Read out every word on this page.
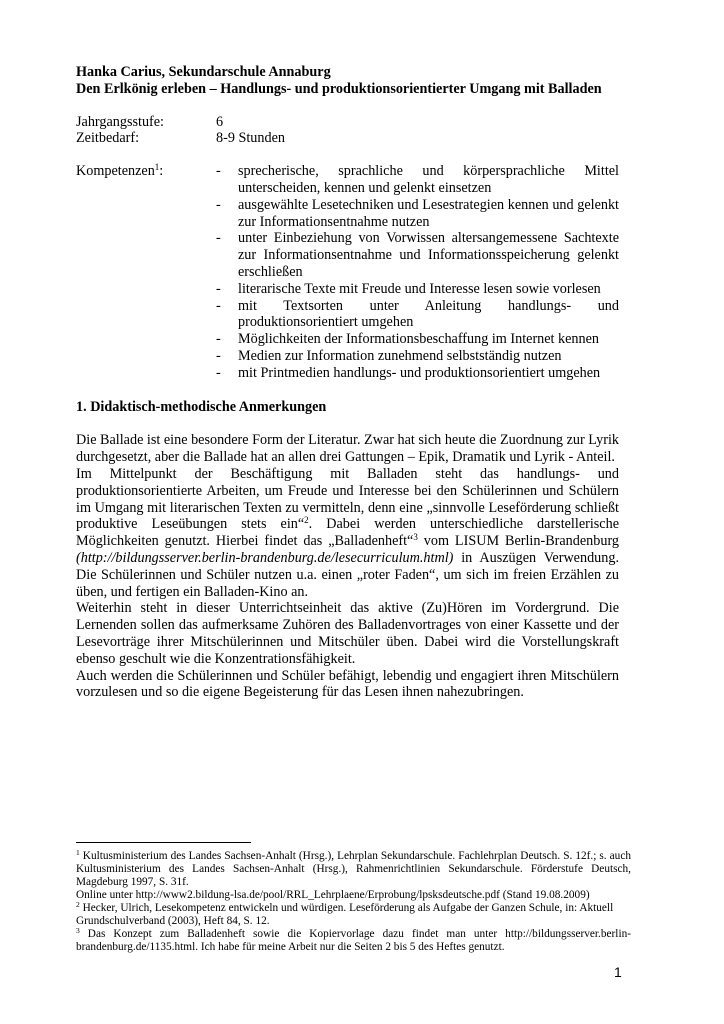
Hanka Carius, Sekundarschule Annaburg
Den Erlkönig erleben – Handlungs- und produktionsorientierter Umgang mit Balladen
Jahrgangsstufe:	6
Zeitbedarf:	8-9 Stunden
Kompetenzen$^1$:	-	sprecherische, sprachliche und körpersprachliche Mittel unterscheiden, kennen und gelenkt einsetzen
-	ausgewählte Lesetechniken und Lesestrategien kennen und gelenkt zur Informationsentnahme nutzen
-	unter Einbeziehung von Vorwissen altersangemessene Sachtexte zur Informationsentnahme und Informationsspeicherung gelenkt erschließen
-	literarische Texte mit Freude und Interesse lesen sowie vorlesen
-	mit Textsorten unter Anleitung handlungs- und produktionsorientiert umgehen
-	Möglichkeiten der Informationsbeschaffung im Internet kennen
-	Medien zur Information zunehmend selbstständig nutzen
-	mit Printmedien handlungs- und produktionsorientiert umgehen
1. Didaktisch-methodische Anmerkungen
Die Ballade ist eine besondere Form der Literatur. Zwar hat sich heute die Zuordnung zur Lyrik durchgesetzt, aber die Ballade hat an allen drei Gattungen – Epik, Dramatik und Lyrik - Anteil.
Im Mittelpunkt der Beschäftigung mit Balladen steht das handlungs- und produktionsorientierte Arbeiten, um Freude und Interesse bei den Schülerinnen und Schülern im Umgang mit literarischen Texten zu vermitteln, denn eine „sinnvolle Leseförderung schließt produktive Leseübungen stets ein“$^2$. Dabei werden unterschiedliche darstellerische Möglichkeiten genutzt. Hierbei findet das „Balladenheft“$^3$ vom LISUM Berlin-Brandenburg (http://bildungsserver.berlin-brandenburg.de/lesecurriculum.html) in Auszügen Verwendung. Die Schülerinnen und Schüler nutzen u.a. einen „roter Faden“, um sich im freien Erzählen zu üben, und fertigen ein Balladen-Kino an.
Weiterhin steht in dieser Unterrichtseinheit das aktive (Zu)Hören im Vordergrund. Die Lernenden sollen das aufmerksame Zuhören des Balladenvortrages von einer Kassette und der Lesevorträge ihrer Mitschülerinnen und Mitschüler üben. Dabei wird die Vorstellungskraft ebenso geschult wie die Konzentrationsfähigkeit.
Auch werden die Schülerinnen und Schüler befähigt, lebendig und engagiert ihren Mitschülern vorzulesen und so die eigene Begeisterung für das Lesen ihnen nahezubringen.
$^1$ Kultusministerium des Landes Sachsen-Anhalt (Hrsg.), Lehrplan Sekundarschule. Fachlehrplan Deutsch. S. 12f.; s. auch Kultusministerium des Landes Sachsen-Anhalt (Hrsg.), Rahmenrichtlinien Sekundarschule. Förderstufe Deutsch, Magdeburg 1997, S. 31f.
Online unter http://www2.bildung-lsa.de/pool/RRL_Lehrplaene/Erprobung/lpsksdeutsche.pdf (Stand 19.08.2009)
$^2$ Hecker, Ulrich, Lesekompetenz entwickeln und würdigen. Leseförderung als Aufgabe der Ganzen Schule, in: Aktuell Grundschulverband (2003), Heft 84, S. 12.
$^3$ Das Konzept zum Balladenheft sowie die Kopiervorlage dazu findet man unter http://bildungsserver.berlin-brandenburg.de/1135.html. Ich habe für meine Arbeit nur die Seiten 2 bis 5 des Heftes genutzt.
1
